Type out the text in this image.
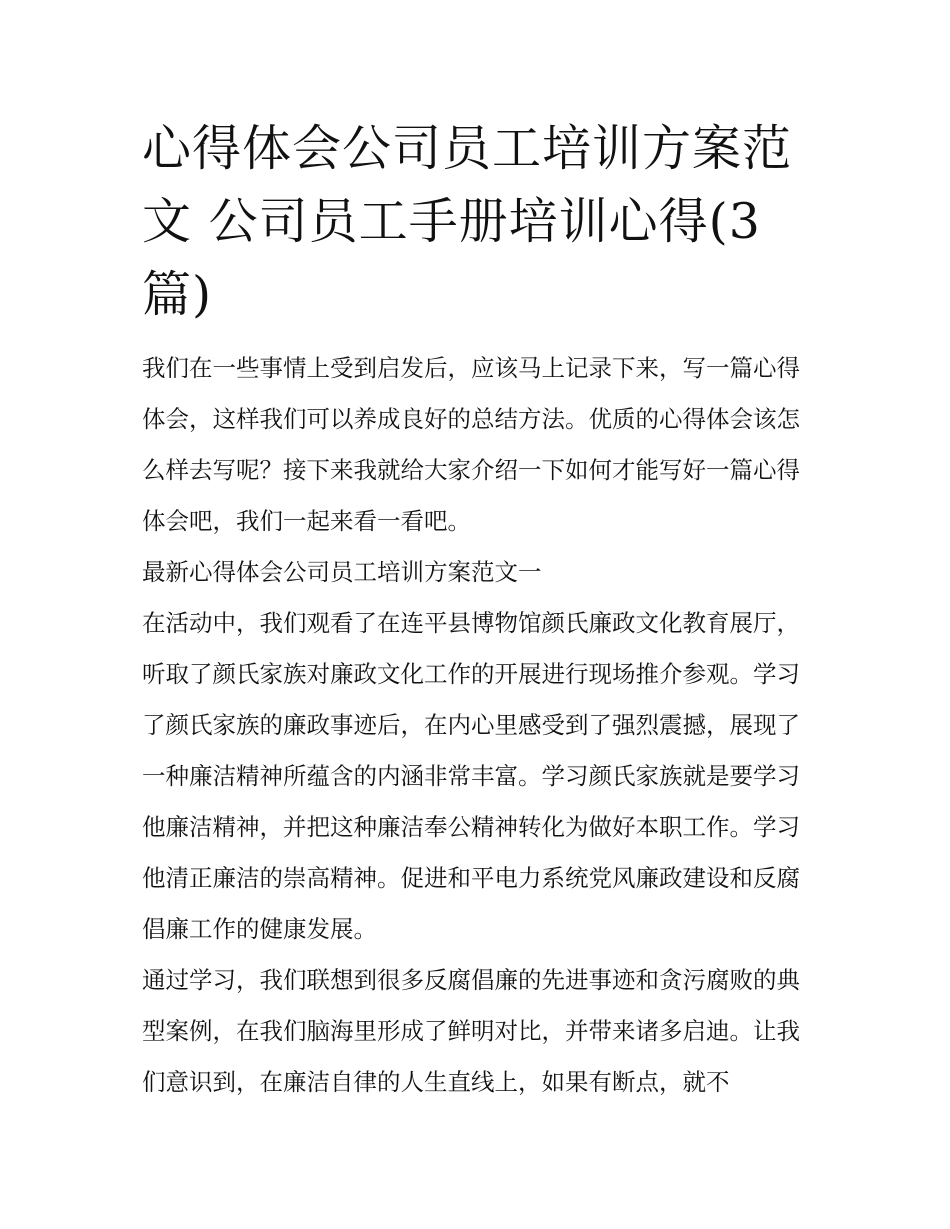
心得体会公司员工培训方案范文 公司员工手册培训心得(3篇)

我们在一些事情上受到启发后，应该马上记录下来，写一篇心得体会，这样我们可以养成良好的总结方法。优质的心得体会该怎么样去写呢？接下来我就给大家介绍一下如何才能写好一篇心得体会吧，我们一起来看一看吧。

最新心得体会公司员工培训方案范文一

在活动中，我们观看了在连平县博物馆颜氏廉政文化教育展厅，听取了颜氏家族对廉政文化工作的开展进行现场推介参观。学习了颜氏家族的廉政事迹后，在内心里感受到了强烈震撼，展现了一种廉洁精神所蕴含的内涵非常丰富。学习颜氏家族就是要学习他廉洁精神，并把这种廉洁奉公精神转化为做好本职工作。学习他清正廉洁的崇高精神。促进和平电力系统党风廉政建设和反腐倡廉工作的健康发展。

通过学习，我们联想到很多反腐倡廉的先进事迹和贪污腐败的典型案例，在我们脑海里形成了鲜明对比，并带来诸多启迪。让我们意识到，在廉洁自律的人生直线上，如果有断点，就不
